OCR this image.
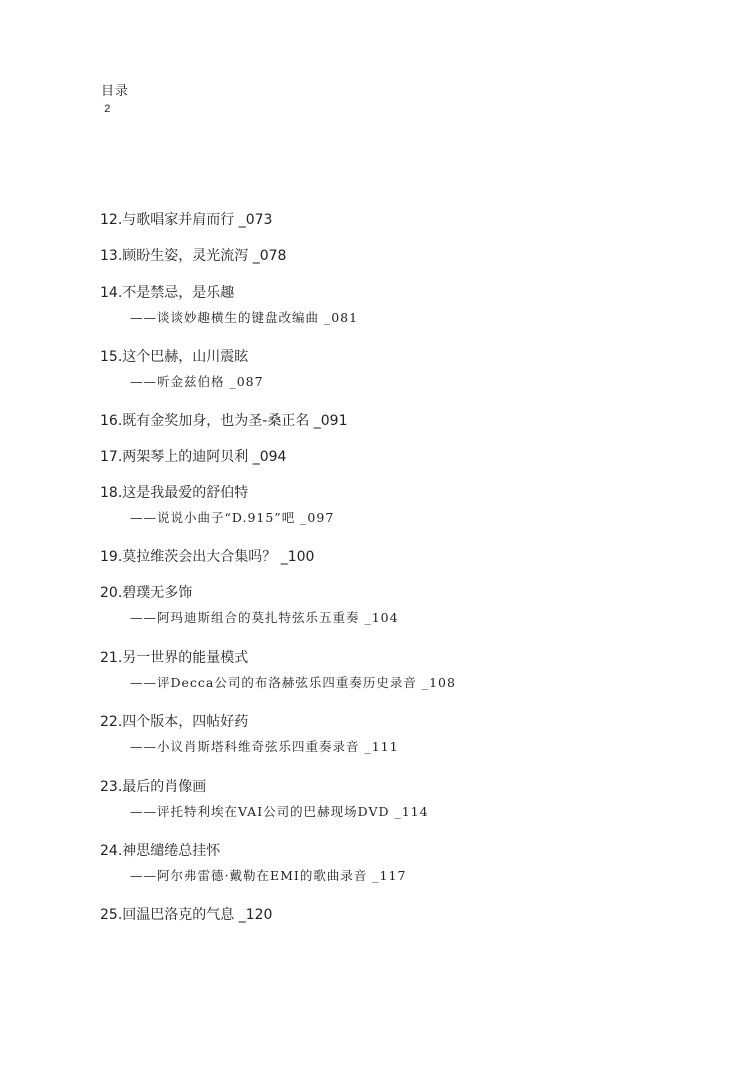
目录
2
12.与歌唱家并肩而行 _073
13.顾盼生姿，灵光流泻 _078
14.不是禁忌，是乐趣
——谈谈妙趣横生的键盘改编曲 _081
15.这个巴赫，山川震眩
——听金兹伯格 _087
16.既有金奖加身，也为圣-桑正名 _091
17.两架琴上的迪阿贝利 _094
18.这是我最爱的舒伯特
——说说小曲子“D.915”吧 _097
19.莫拉维茨会出大合集吗？ _100
20.碧璞无多饰
——阿玛迪斯组合的莫扎特弦乐五重奏 _104
21.另一世界的能量模式
——评Decca公司的布洛赫弦乐四重奏历史录音 _108
22.四个版本，四帖好药
——小议肖斯塔科维奇弦乐四重奏录音 _111
23.最后的肖像画
——评托特利埃在VAI公司的巴赫现场DVD _114
24.神思缱绻总挂怀
——阿尔弗雷德·戴勒在EMI的歌曲录音 _117
25.回温巴洛克的气息 _120
